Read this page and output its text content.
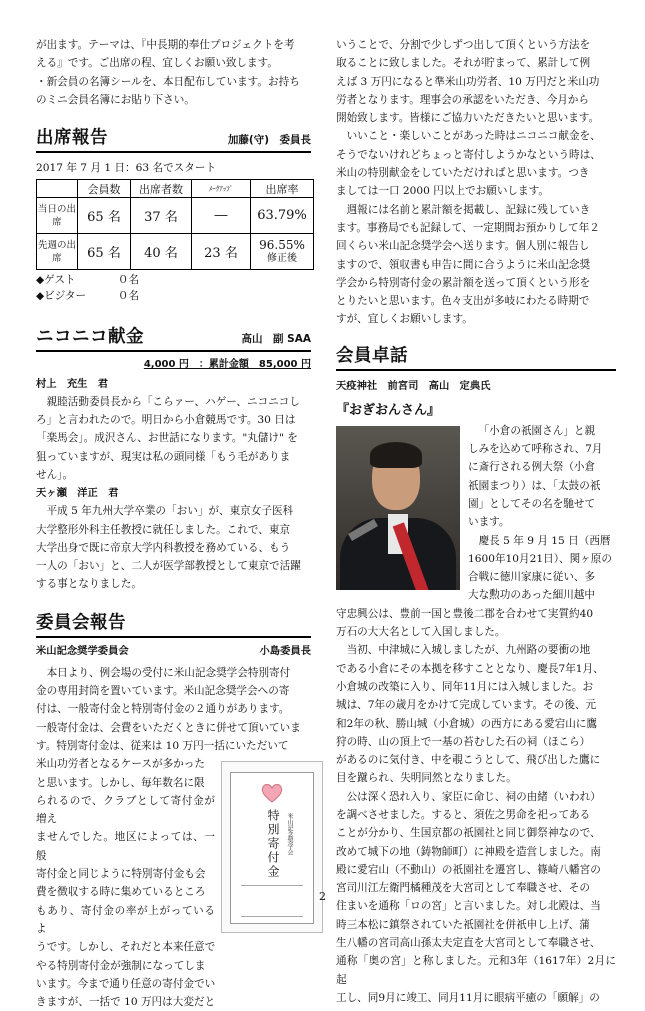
が出ます。テーマは、『中長期的奉仕プロジェクトを考

える』です。ご出席の程、宜しくお願い致します。

・新会員の名簿シールを、本日配布しています。お持ち

のミニ会員名簿にお貼り下さい。

出席報告	加藤(守)　委員長

2017 年 7 月 1 日：63 名でスタート

	会員数	出席者数	ﾒｰｸｱｯﾌﾟ	出席率
当日の出席	65 名	37 名	―	63.79%
先週の出席	65 名	40 名	23 名	96.55%
修正後

◆ゲスト　　　　０名

◆ビジター　　　０名

ニコニコ献金	高山　副 SAA

4,000 円　：累計金額　85,000 円

村上　充生　君

親睦活動委員長から「こらァー、ハゲー、ニコニコし

ろ」と言われたので。明日から小倉競馬です。30 日は

「楽馬会」。成沢さん、お世話になります。"丸儲け" を

狙っていますが、現実は私の頭同様「もう毛がありま

せん」。

天ヶ瀬　洋正　君

平成 5 年九州大学卒業の「おい」が、東京女子医科

大学整形外科主任教授に就任しました。これで、東京

大学出身で既に帝京大学内科教授を務めている、もう

一人の「おい」と、二人が医学部教授として東京で活躍

する事となりました。

委員会報告
米山記念奨学委員会	小島委員長

本日より、例会場の受付に米山記念奨学会特別寄付

金の専用封筒を置いています。米山記念奨学会への寄

付は、一般寄付金と特別寄付金の２通りがあります。

一般寄付金は、会費をいただくときに併せて頂いていま

す。特別寄付金は、従来は 10 万円一括にいただいて

特別寄付金	米山記念奨学会

米山功労者となるケースが多かった

と思います。しかし、毎年数名に限

られるので、クラブとして寄付金が増え

ませんでした。地区によっては、一般

寄付金と同じように特別寄付金も会

費を徴収する時に集めているところ

もあり、寄付金の率が上がっているよ

うです。しかし、それだと本来任意で

やる特別寄付金が強制になってしま

います。今まで通り任意の寄付金でい

きますが、一括で 10 万円は大変だと

いうことで、分割で少しずつ出して頂くという方法を

取ることに致しました。それが貯まって、累計して例

えば 3 万円になると準米山功労者、10 万円だと米山功

労者となります。理事会の承認をいただき、今月から

開始致します。皆様にご協力いただきたいと思います。

いいこと・楽しいことがあった時はニコニコ献金を、

そうでないけれどちょっと寄付しようかなという時は、

米山の特別献金をしていただければと思います。つき

ましては一口 2000 円以上でお願いします。

週報には名前と累計額を掲載し、記録に残していき

ます。事務局でも記録して、一定期間お預かりして年２

回くらい米山記念奨学会へ送ります。個人別に報告し

ますので、領収書も申告に間に合うように米山記念奨

学会から特別寄付金の累計額を送って頂くという形を

とりたいと思います。色々支出が多岐にわたる時期で

すが、宜しくお願いします。

会員卓話
天疫神社　前宮司　高山　定典氏
『おぎおんさん』

「小倉の祇園さん」と親

しみを込めて呼称され、7月

に斎行される例大祭（小倉

祇園まつり）は、「太鼓の祇

園」としてその名を馳せて

います。

慶長 5 年 9 月 15 日（西暦

1600年10月21日）、関ヶ原の

合戦に徳川家康に従い、多

大な勲功のあった細川越中

守忠興公は、豊前一国と豊後二郡を合わせて実質約40

万石の大大名として入国しました。

当初、中津城に入城しましたが、九州路の要衝の地

である小倉にその本拠を移すこととなり、慶長7年1月、

小倉城の改築に入り、同年11月には入城しました。お

城は、7年の歳月をかけて完成しています。その後、元

和2年の秋、勝山城（小倉城）の西方にある愛宕山に鷹

狩の時、山の頂上で一基の苔むした石の祠（ほこら）

があるのに気付き、中を覗こうとして、飛び出した鷹に

目を蹴られ、失明同然となりました。

公は深く恐れ入り、家臣に命じ、祠の由緒（いわれ）

を調べさせました。すると、須佐之男命を祀ってある

ことが分かり、生国京都の祇園社と同じ御祭神なので、

改めて城下の地（鋳物師町）に神殿を造営しました。南

殿に愛宕山（不動山）の祇園社を遷宮し、篠崎八幡宮の

宮司川江左衛門橘種茂を大宮司として奉職させ、その

住まいを通称「ロの宮」と言いました。対し北殿は、当

時三本松に鎮祭されていた祇園社を併祇申し上げ、蒲

生八幡の宮司高山孫太夫定直を大宮司として奉職させ、

通称「奥の宮」と称しました。元和3年（1617年）2月に起

工し、同9月に竣工、同月11月に眼病平癒の「願解」の

2
